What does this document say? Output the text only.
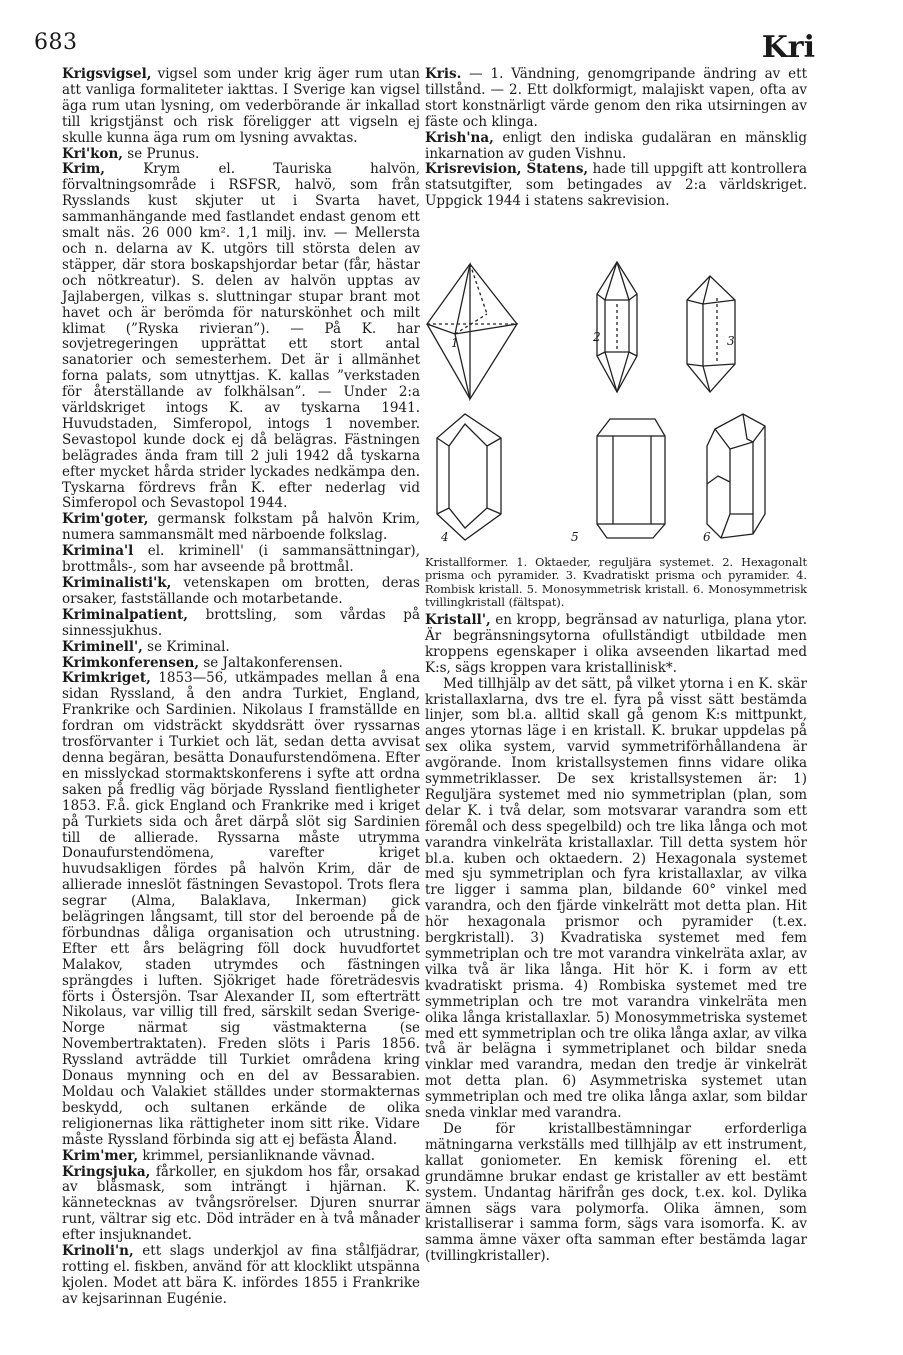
683	Kri

Krigsvigsel, vigsel som under krig äger rum utan att vanliga formaliteter iakttas. I Sverige kan vigsel äga rum utan lysning, om vederbörande är inkallad till krigstjänst och risk föreligger att vigseln ej skulle kunna äga rum om lysning avvaktas.

Kri'kon, se Prunus.

Krim, Krym el. Tauriska halvön, förvaltningsområde i RSFSR, halvö, som från Rysslands kust skjuter ut i Svarta havet, sammanhängande med fastlandet endast genom ett smalt näs. 26 000 km². 1,1 milj. inv. — Mellersta och n. delarna av K. utgörs till största delen av stäpper, där stora boskapshjordar betar (får, hästar och nötkreatur). S. delen av halvön upptas av Jajlabergen, vilkas s. sluttningar stupar brant mot havet och är berömda för naturskönhet och milt klimat (”Ryska rivieran”). — På K. har sovjetregeringen upprättat ett stort antal sanatorier och semesterhem. Det är i allmänhet forna palats, som utnyttjas. K. kallas ”verkstaden för återställande av folkhälsan”. — Under 2:a världskriget intogs K. av tyskarna 1941. Huvudstaden, Simferopol, intogs 1 november. Sevastopol kunde dock ej då belägras. Fästningen belägrades ända fram till 2 juli 1942 då tyskarna efter mycket hårda strider lyckades nedkämpa den. Tyskarna fördrevs från K. efter nederlag vid Simferopol och Sevastopol 1944.

Krim'goter, germansk folkstam på halvön Krim, numera sammansmält med närboende folkslag.

Krimina'l el. kriminell' (i sammansättningar), brottmåls-, som har avseende på brottmål.

Kriminalisti'k, vetenskapen om brotten, deras orsaker, fastställande och motarbetande.

Kriminalpatient, brottsling, som vårdas på sinnessjukhus.

Kriminell', se Kriminal.

Krimkonferensen, se Jaltakonferensen.

Krimkriget, 1853—56, utkämpades mellan å ena sidan Ryssland, å den andra Turkiet, England, Frankrike och Sardinien. Nikolaus I framställde en fordran om vidsträckt skyddsrätt över ryssarnas trosförvanter i Turkiet och lät, sedan detta avvisat denna begäran, besätta Donaufurstendömena. Efter en misslyckad stormaktskonferens i syfte att ordna saken på fredlig väg började Ryssland fientligheter 1853. F.å. gick England och Frankrike med i kriget på Turkiets sida och året därpå slöt sig Sardinien till de allierade. Ryssarna måste utrymma Donaufurstendömena, varefter kriget huvudsakligen fördes på halvön Krim, där de allierade inneslöt fästningen Sevastopol. Trots flera segrar (Alma, Balaklava, Inkerman) gick belägringen långsamt, till stor del beroende på de förbundnas dåliga organisation och utrustning. Efter ett års belägring föll dock huvudfortet Malakov, staden utrymdes och fästningen sprängdes i luften. Sjökriget hade företrädesvis förts i Östersjön. Tsar Alexander II, som efterträtt Nikolaus, var villig till fred, särskilt sedan Sverige-Norge närmat sig västmakterna (se Novembertraktaten). Freden slöts i Paris 1856. Ryssland avträdde till Turkiet områdena kring Donaus mynning och en del av Bessarabien. Moldau och Valakiet ställdes under stormakternas beskydd, och sultanen erkände de olika religionernas lika rättigheter inom sitt rike. Vidare måste Ryssland förbinda sig att ej befästa Åland.

Krim'mer, krimmel, persianliknande vävnad.

Kringsjuka, fårkoller, en sjukdom hos får, orsakad av blåsmask, som inträngt i hjärnan. K. kännetecknas av tvångsrörelser. Djuren snurrar runt, vältrar sig etc. Död inträder en à två månader efter insjuknandet.

Krinoli'n, ett slags underkjol av fina stålfjädrar, rotting el. fiskben, använd för att klocklikt utspänna kjolen. Modet att bära K. infördes 1855 i Frankrike av kejsarinnan Eugénie.

Kris. — 1. Vändning, genomgripande ändring av ett tillstånd. — 2. Ett dolkformigt, malajiskt vapen, ofta av stort konstnärligt värde genom den rika utsirningen av fäste och klinga.

Krish'na, enligt den indiska gudaläran en mänsklig inkarnation av guden Vishnu.

Krisrevision, Statens, hade till uppgift att kontrollera statsutgifter, som betingades av 2:a världskriget. Uppgick 1944 i statens sakrevision.

1	2	3
4	5	6

Kristallformer. 1. Oktaeder, reguljära systemet. 2. Hexagonalt prisma och pyramider. 3. Kvadratiskt prisma och pyramider. 4. Rombisk kristall. 5. Monosymmetrisk kristall. 6. Monosymmetrisk tvillingkristall (fältspat).

Kristall', en kropp, begränsad av naturliga, plana ytor. Är begränsningsytorna ofullständigt utbildade men kroppens egenskaper i olika avseenden likartad med K:s, sägs kroppen vara kristallinisk*.

Med tillhjälp av det sätt, på vilket ytorna i en K. skär kristallaxlarna, dvs tre el. fyra på visst sätt bestämda linjer, som bl.a. alltid skall gå genom K:s mittpunkt, anges ytornas läge i en kristall. K. brukar uppdelas på sex olika system, varvid symmetriförhållandena är avgörande. Inom kristallsystemen finns vidare olika symmetriklasser. De sex kristallsystemen är: 1) Reguljära systemet med nio symmetriplan (plan, som delar K. i två delar, som motsvarar varandra som ett föremål och dess spegelbild) och tre lika långa och mot varandra vinkelräta kristallaxlar. Till detta system hör bl.a. kuben och oktaedern. 2) Hexagonala systemet med sju symmetriplan och fyra kristallaxlar, av vilka tre ligger i samma plan, bildande 60° vinkel med varandra, och den fjärde vinkelrätt mot detta plan. Hit hör hexagonala prismor och pyramider (t.ex. bergkristall). 3) Kvadratiska systemet med fem symmetriplan och tre mot varandra vinkelräta axlar, av vilka två är lika långa. Hit hör K. i form av ett kvadratiskt prisma. 4) Rombiska systemet med tre symmetriplan och tre mot varandra vinkelräta men olika långa kristallaxlar. 5) Monosymmetriska systemet med ett symmetriplan och tre olika långa axlar, av vilka två är belägna i symmetriplanet och bildar sneda vinklar med varandra, medan den tredje är vinkelrät mot detta plan. 6) Asymmetriska systemet utan symmetriplan och med tre olika långa axlar, som bildar sneda vinklar med varandra.

De för kristallbestämningar erforderliga mätningarna verkställs med tillhjälp av ett instrument, kallat goniometer. En kemisk förening el. ett grundämne brukar endast ge kristaller av ett bestämt system. Undantag härifrån ges dock, t.ex. kol. Dylika ämnen sägs vara polymorfa. Olika ämnen, som kristalliserar i samma form, sägs vara isomorfa. K. av samma ämne växer ofta samman efter bestämda lagar (tvillingkristaller).
